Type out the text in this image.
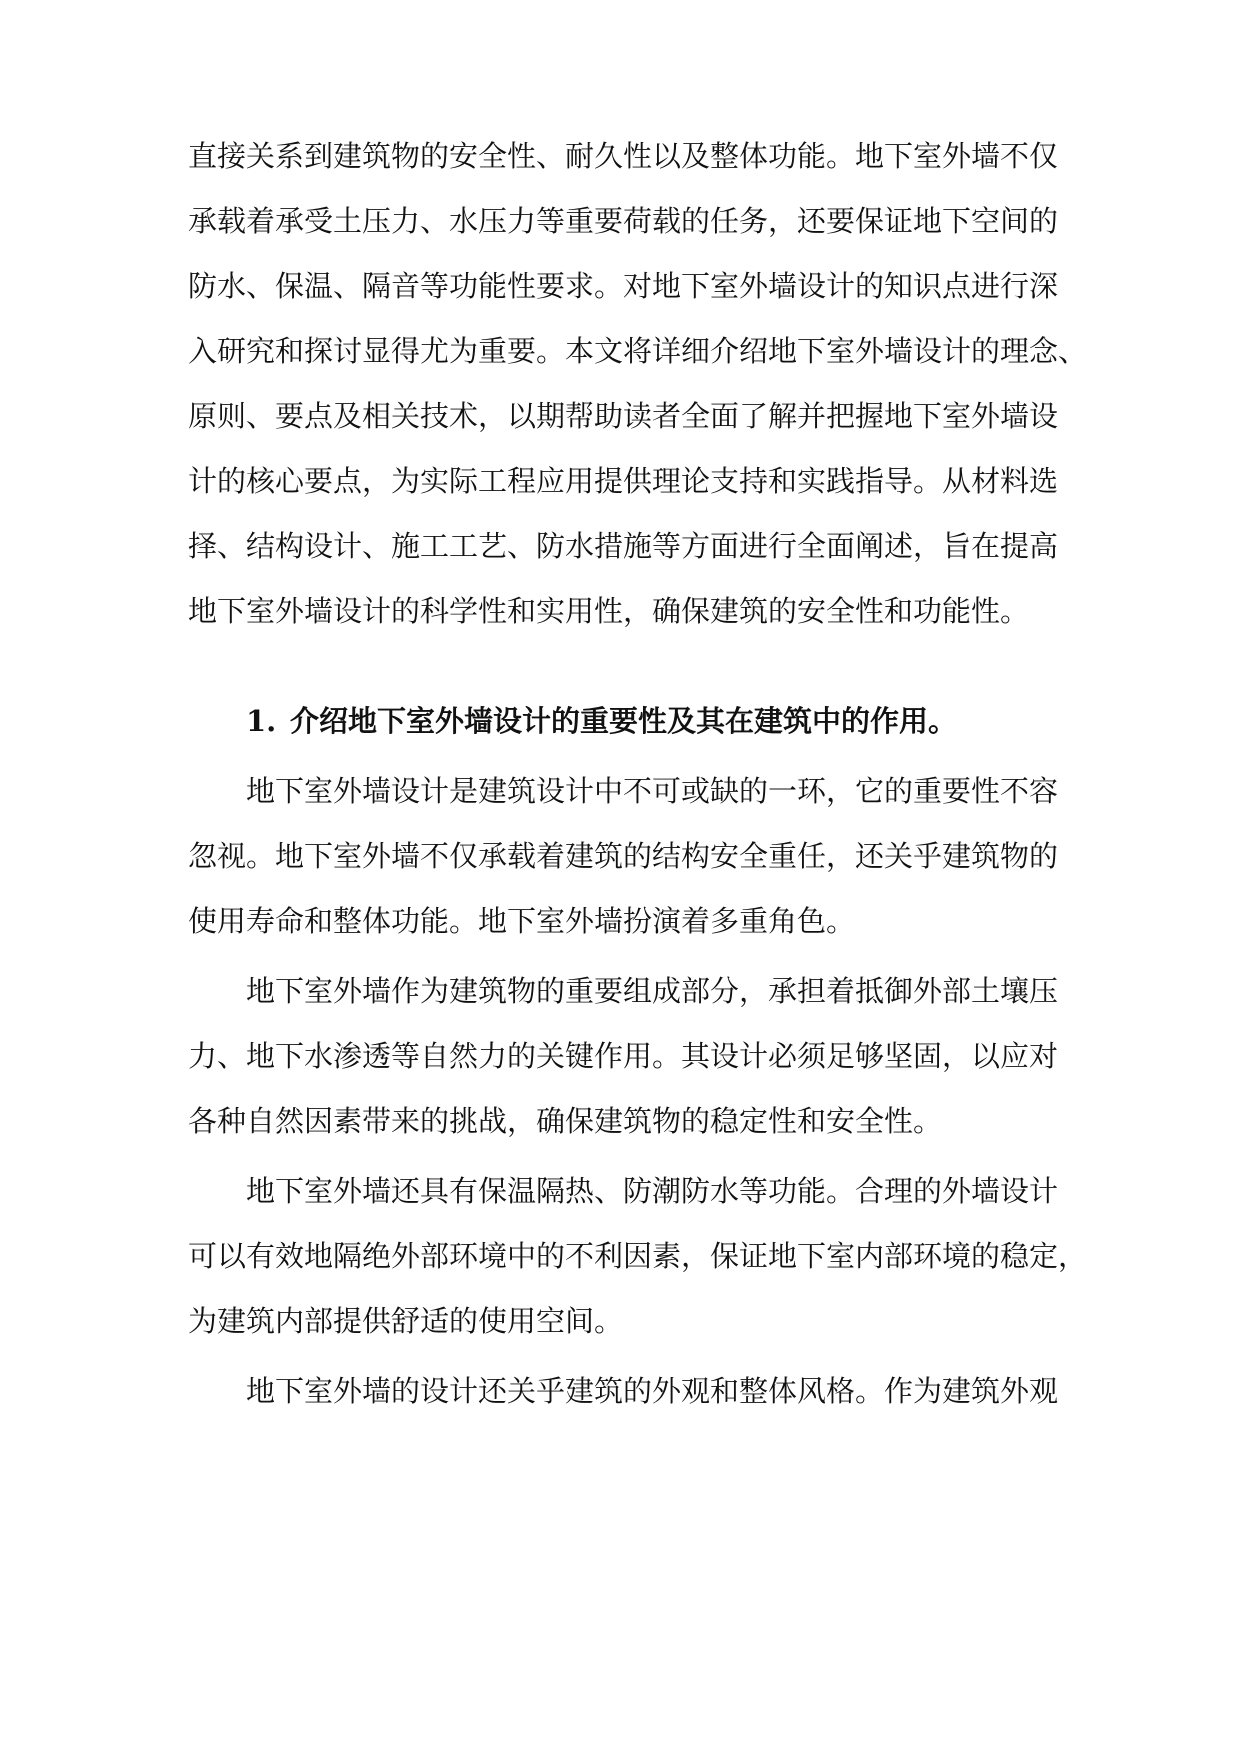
直接关系到建筑物的安全性、耐久性以及整体功能。地下室外墙不仅
承载着承受土压力、水压力等重要荷载的任务，还要保证地下空间的
防水、保温、隔音等功能性要求。对地下室外墙设计的知识点进行深
入研究和探讨显得尤为重要。本文将详细介绍地下室外墙设计的理念、
原则、要点及相关技术，以期帮助读者全面了解并把握地下室外墙设
计的核心要点，为实际工程应用提供理论支持和实践指导。从材料选
择、结构设计、施工工艺、防水措施等方面进行全面阐述，旨在提高
地下室外墙设计的科学性和实用性，确保建筑的安全性和功能性。
1. 介绍地下室外墙设计的重要性及其在建筑中的作用。
地下室外墙设计是建筑设计中不可或缺的一环，它的重要性不容
忽视。地下室外墙不仅承载着建筑的结构安全重任，还关乎建筑物的
使用寿命和整体功能。地下室外墙扮演着多重角色。
地下室外墙作为建筑物的重要组成部分，承担着抵御外部土壤压
力、地下水渗透等自然力的关键作用。其设计必须足够坚固，以应对
各种自然因素带来的挑战，确保建筑物的稳定性和安全性。
地下室外墙还具有保温隔热、防潮防水等功能。合理的外墙设计
可以有效地隔绝外部环境中的不利因素，保证地下室内部环境的稳定，
为建筑内部提供舒适的使用空间。
地下室外墙的设计还关乎建筑的外观和整体风格。作为建筑外观
